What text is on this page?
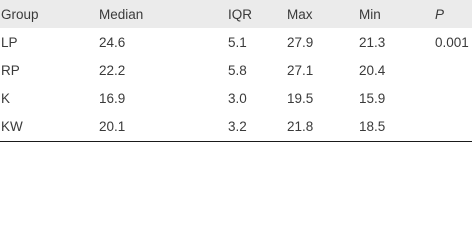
Group	Median	IQR	Max	Min	P
LP	24.6	5.1	27.9	21.3	0.001
RP	22.2	5.8	27.1	20.4	
K	16.9	3.0	19.5	15.9	
KW	20.1	3.2	21.8	18.5	
